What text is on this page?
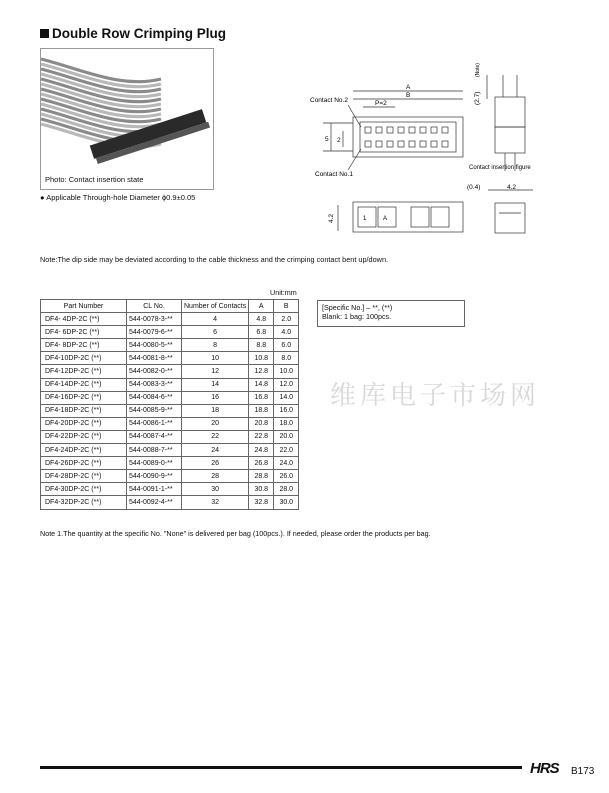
Double Row Crimping Plug
Photo: Contact insertion state
● Applicable Through-hole Diameter ϕ0.9±0.05
Contact No.2
Contact No.1
A
B
P=2
5 2
(2.7)
(Note)
Contact insertion figure
(0.4)	4.2
4.2	1	A
Note:The dip side may be deviated according to the cable thickness and the crimping contact bent up/down.
Unit:mm
维库电子市场网
Part Number	CL No.	Number of Contacts	A	B
DF4- 4DP-2C (**)	544-0078-3-**	4	4.8	2.0
DF4- 6DP-2C (**)	544-0079-6-**	6	6.8	4.0
DF4- 8DP-2C (**)	544-0080-5-**	8	8.8	6.0
DF4-10DP-2C (**)	544-0081-8-**	10	10.8	8.0
DF4-12DP-2C (**)	544-0082-0-**	12	12.8	10.0
DF4-14DP-2C (**)	544-0083-3-**	14	14.8	12.0
DF4-16DP-2C (**)	544-0084-6-**	16	16.8	14.0
DF4-18DP-2C (**)	544-0085-9-**	18	18.8	16.0
DF4-20DP-2C (**)	544-0086-1-**	20	20.8	18.0
DF4-22DP-2C (**)	544-0087-4-**	22	22.8	20.0
DF4-24DP-2C (**)	544-0088-7-**	24	24.8	22.0
DF4-26DP-2C (**)	544-0089-0-**	26	26.8	24.0
DF4-28DP-2C (**)	544-0090-9-**	28	28.8	26.0
DF4-30DP-2C (**)	544-0091-1-**	30	30.8	28.0
DF4-32DP-2C (**)	544-0092-4-**	32	32.8	30.0
[Specific No.] – **, (**)
Blank: 1 bag: 100pcs.
Note 1.The quantity at the specific No. "None" is delivered per bag (100pcs.). If needed, please order the products per bag.
HRS B173
